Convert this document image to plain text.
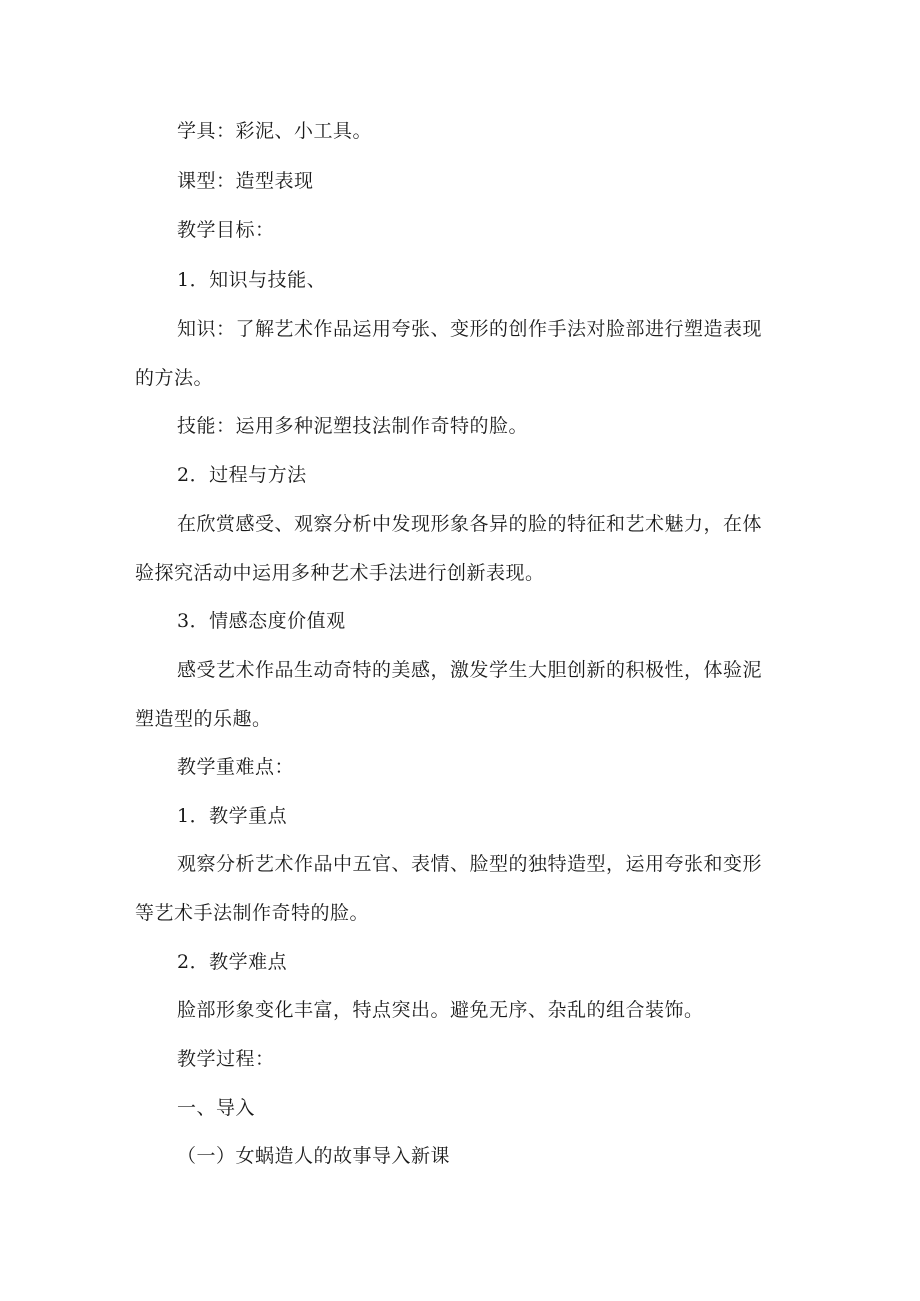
学具：彩泥、小工具。
课型：造型表现
教学目标：
1．知识与技能、
知识：了解艺术作品运用夸张、变形的创作手法对脸部进行塑造表现
的方法。
技能：运用多种泥塑技法制作奇特的脸。
2．过程与方法
在欣赏感受、观察分析中发现形象各异的脸的特征和艺术魅力，在体
验探究活动中运用多种艺术手法进行创新表现。
3．情感态度价值观
感受艺术作品生动奇特的美感，激发学生大胆创新的积极性，体验泥
塑造型的乐趣。
教学重难点：
1．教学重点
观察分析艺术作品中五官、表情、脸型的独特造型，运用夸张和变形
等艺术手法制作奇特的脸。
2．教学难点
脸部形象变化丰富，特点突出。避免无序、杂乱的组合装饰。
教学过程：
一、导入
（一）女蜗造人的故事导入新课
